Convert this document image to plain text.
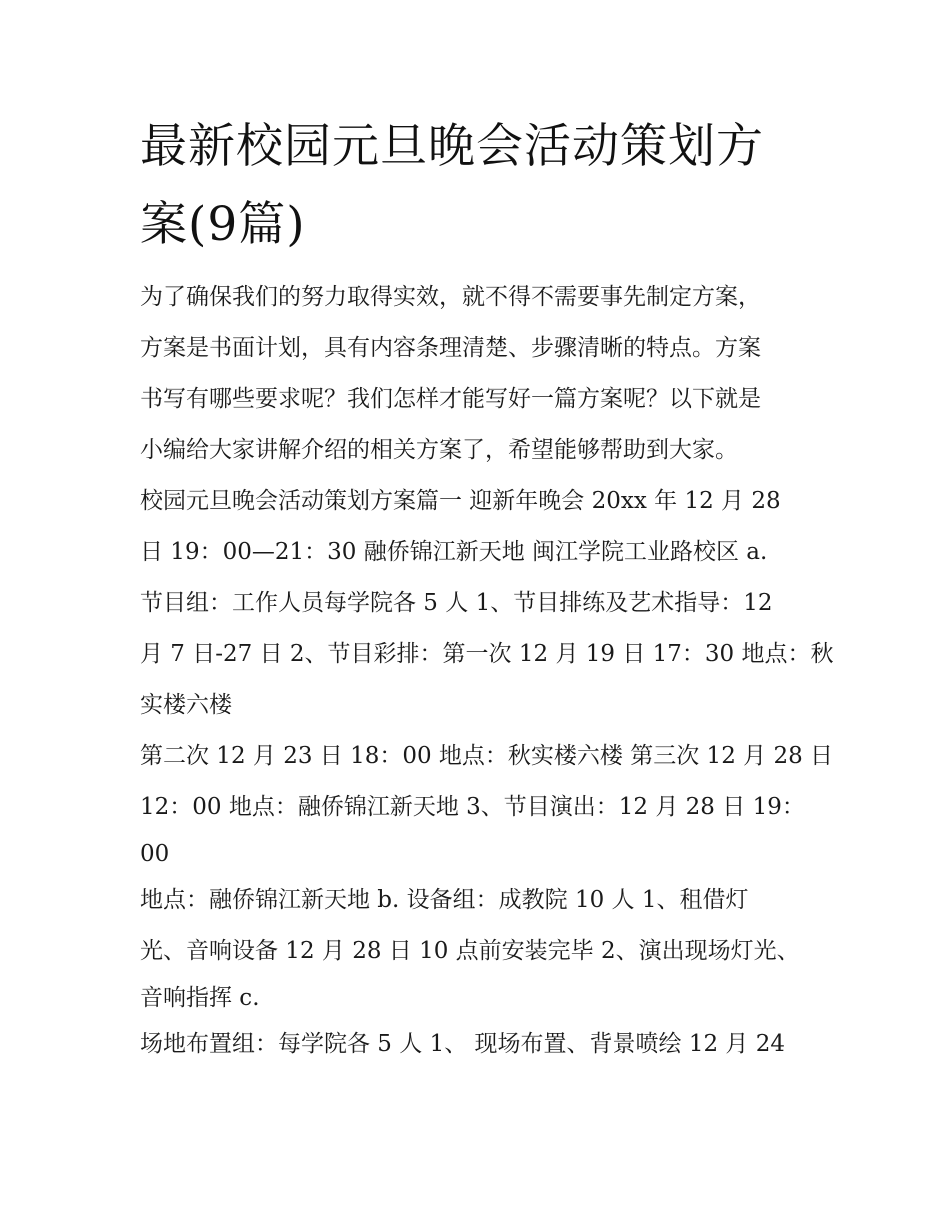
最新校园元旦晚会活动策划方
案(9篇)

为了确保我们的努力取得实效，就不得不需要事先制定方案，
方案是书面计划，具有内容条理清楚、步骤清晰的特点。方案
书写有哪些要求呢？我们怎样才能写好一篇方案呢？以下就是
小编给大家讲解介绍的相关方案了，希望能够帮助到大家。

校园元旦晚会活动策划方案篇一 迎新年晚会 20xx 年 12 月 28
日 19：00—21：30 融侨锦江新天地 闽江学院工业路校区 a.
节目组：工作人员每学院各 5 人 1、节目排练及艺术指导：12
月 7 日-27 日 2、节目彩排：第一次 12 月 19 日 17：30 地点：秋
实楼六楼

第二次 12 月 23 日 18：00 地点：秋实楼六楼 第三次 12 月 28 日
12：00 地点：融侨锦江新天地 3、节目演出：12 月 28 日 19：
00

地点：融侨锦江新天地 b. 设备组：成教院 10 人 1、租借灯
光、音响设备 12 月 28 日 10 点前安装完毕 2、演出现场灯光、
音响指挥 c.

场地布置组：每学院各 5 人 1、 现场布置、背景喷绘 12 月 24
